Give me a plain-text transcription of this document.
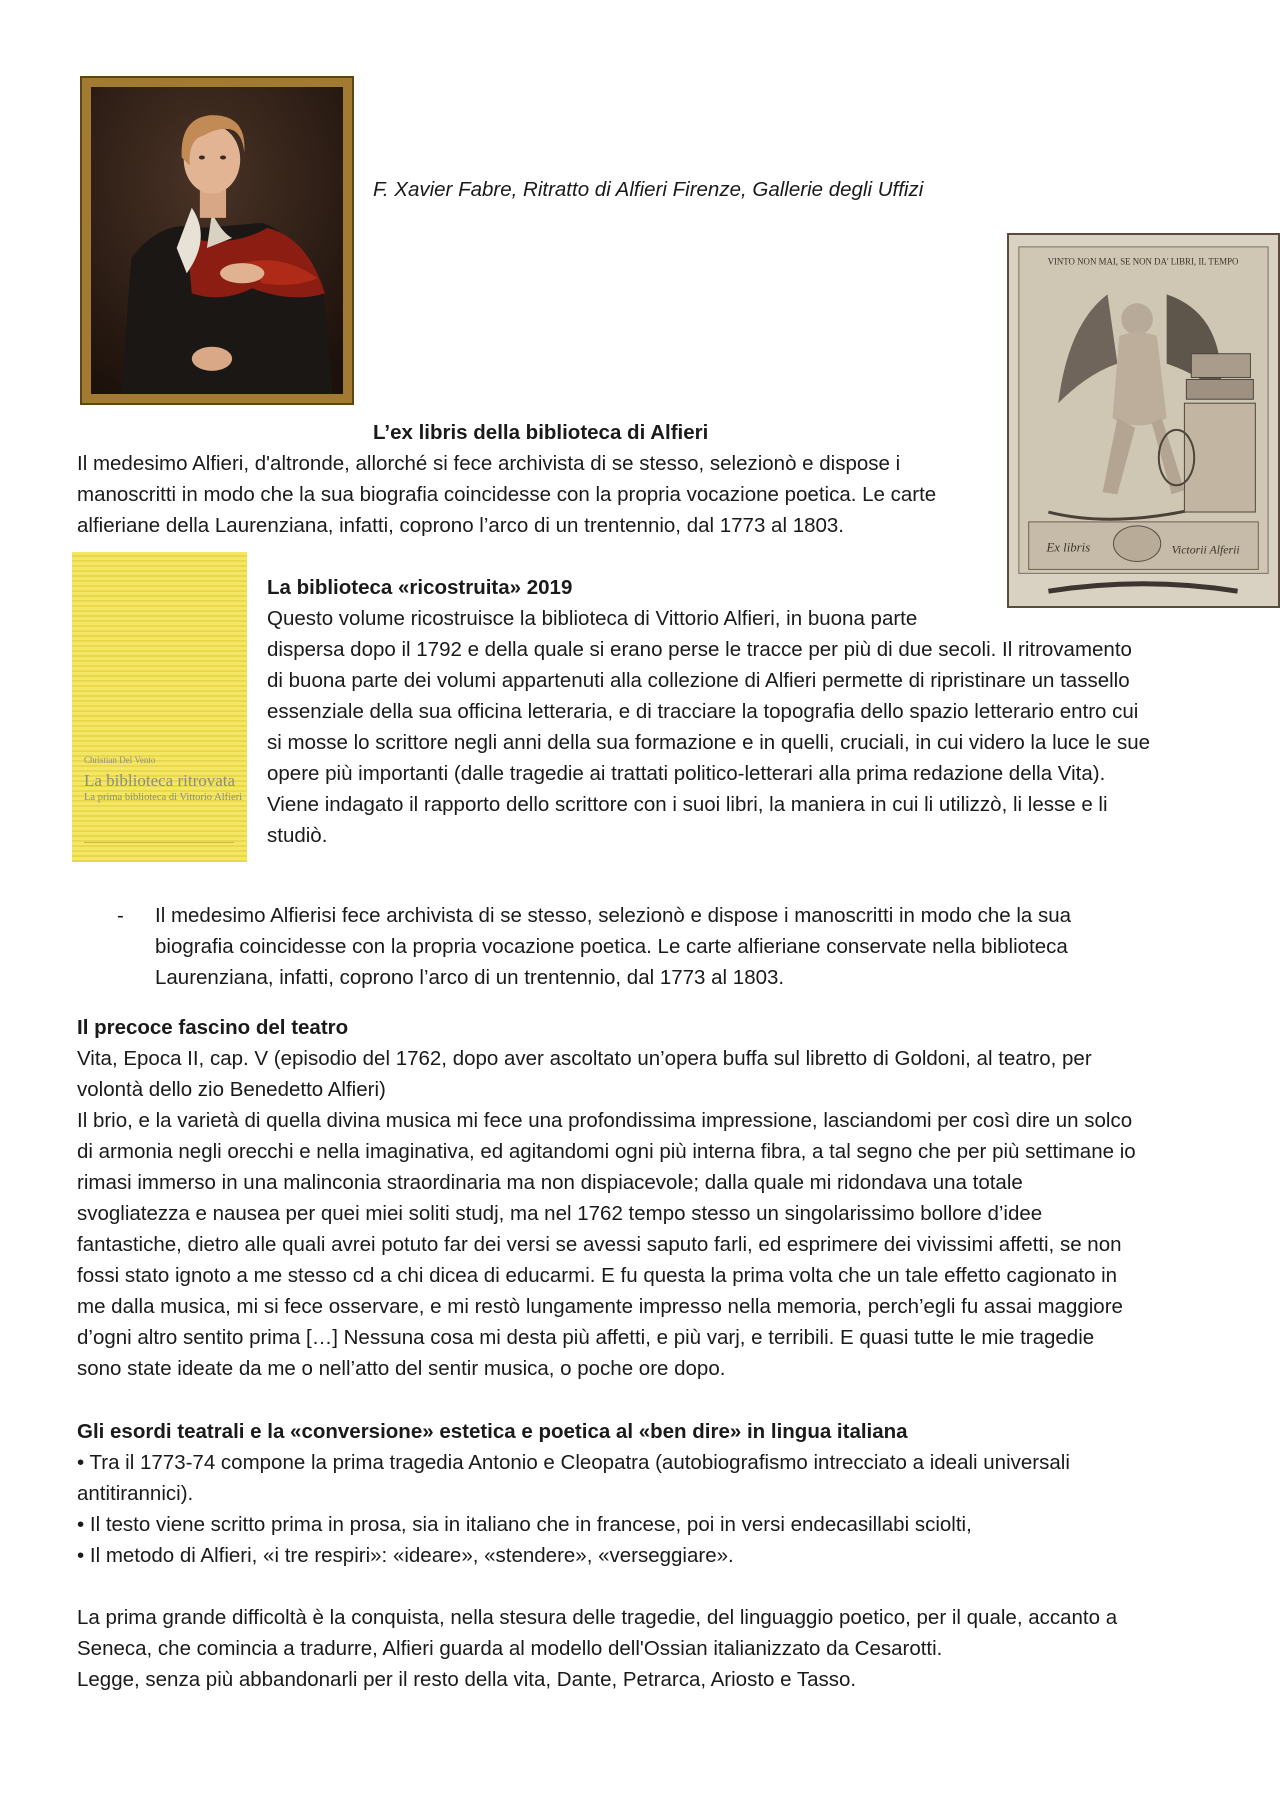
F. Xavier Fabre, Ritratto di Alfieri Firenze, Gallerie degli Uffizi

VINTO NON MAI, SE NON DA' LIBRI, IL TEMPO
Ex libris	Victorii Alferii

L’ex libris della biblioteca di Alfieri

Il medesimo Alfieri, d'altronde, allorché si fece archivista di se stesso, selezionò e dispose i

manoscritti in modo che la sua biografia coincidesse con la propria vocazione poetica. Le carte

alfieriane della Laurenziana, infatti, coprono l’arco di un trentennio, dal 1773 al 1803.

Christian Del Vento
La biblioteca ritrovata
La prima biblioteca di Vittorio Alfieri

La biblioteca «ricostruita» 2019

Questo volume ricostruisce la biblioteca di Vittorio Alfieri, in buona parte

dispersa dopo il 1792 e della quale si erano perse le tracce per più di due secoli. Il ritrovamento

di buona parte dei volumi appartenuti alla collezione di Alfieri permette di ripristinare un tassello

essenziale della sua officina letteraria, e di tracciare la topografia dello spazio letterario entro cui

si mosse lo scrittore negli anni della sua formazione e in quelli, cruciali, in cui videro la luce le sue

opere più importanti (dalle tragedie ai trattati politico-letterari alla prima redazione della Vita).

Viene indagato il rapporto dello scrittore con i suoi libri, la maniera in cui li utilizzò, li lesse e li

studiò.

- Il medesimo Alfierisi fece archivista di se stesso, selezionò e dispose i manoscritti in modo che la sua

biografia coincidesse con la propria vocazione poetica. Le carte alfieriane conservate nella biblioteca

Laurenziana, infatti, coprono l’arco di un trentennio, dal 1773 al 1803.

Il precoce fascino del teatro

Vita, Epoca II, cap. V (episodio del 1762, dopo aver ascoltato un’opera buffa sul libretto di Goldoni, al teatro, per

volontà dello zio Benedetto Alfieri)

Il brio, e la varietà di quella divina musica mi fece una profondissima impressione, lasciandomi per così dire un solco

di armonia negli orecchi e nella imaginativa, ed agitandomi ogni più interna fibra, a tal segno che per più settimane io

rimasi immerso in una malinconia straordinaria ma non dispiacevole; dalla quale mi ridondava una totale

svogliatezza e nausea per quei miei soliti studj, ma nel 1762 tempo stesso un singolarissimo bollore d’idee

fantastiche, dietro alle quali avrei potuto far dei versi se avessi saputo farli, ed esprimere dei vivissimi affetti, se non

fossi stato ignoto a me stesso cd a chi dicea di educarmi. E fu questa la prima volta che un tale effetto cagionato in

me dalla musica, mi si fece osservare, e mi restò lungamente impresso nella memoria, perch’egli fu assai maggiore

d’ogni altro sentito prima […] Nessuna cosa mi desta più affetti, e più varj, e terribili. E quasi tutte le mie tragedie

sono state ideate da me o nell’atto del sentir musica, o poche ore dopo.

Gli esordi teatrali e la «conversione» estetica e poetica al «ben dire» in lingua italiana

• Tra il 1773-74 compone la prima tragedia Antonio e Cleopatra (autobiografismo intrecciato a ideali universali

antitirannici).

• Il testo viene scritto prima in prosa, sia in italiano che in francese, poi in versi endecasillabi sciolti,

• Il metodo di Alfieri, «i tre respiri»: «ideare», «stendere», «verseggiare».

La prima grande difficoltà è la conquista, nella stesura delle tragedie, del linguaggio poetico, per il quale, accanto a

Seneca, che comincia a tradurre, Alfieri guarda al modello dell'Ossian italianizzato da Cesarotti.

Legge, senza più abbandonarli per il resto della vita, Dante, Petrarca, Ariosto e Tasso.
